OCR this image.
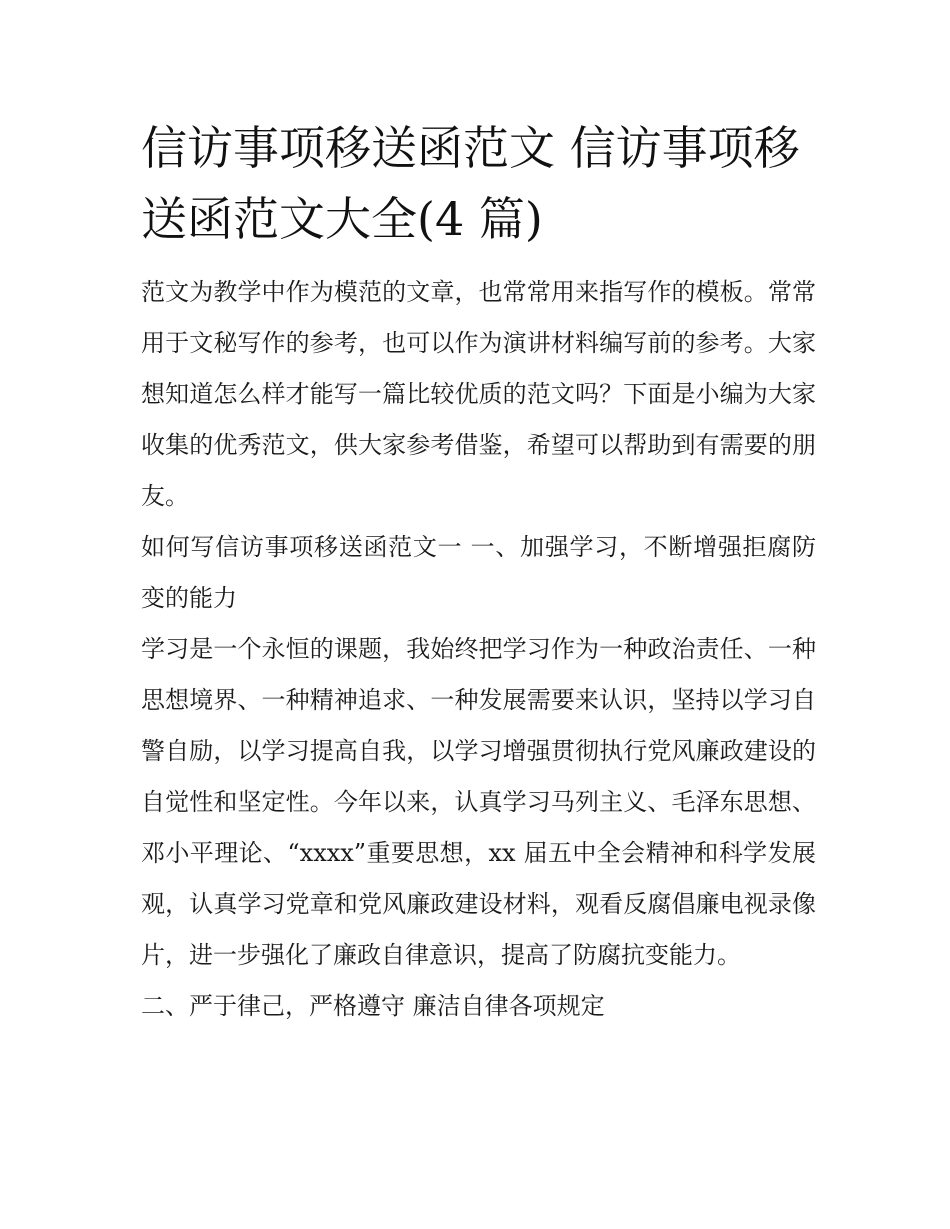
信访事项移送函范文 信访事项移送函范文大全(4 篇)

范文为教学中作为模范的文章，也常常用来指写作的模板。常常用于文秘写作的参考，也可以作为演讲材料编写前的参考。大家想知道怎么样才能写一篇比较优质的范文吗？下面是小编为大家收集的优秀范文，供大家参考借鉴，希望可以帮助到有需要的朋友。

如何写信访事项移送函范文一 一、加强学习，不断增强拒腐防变的能力

学习是一个永恒的课题，我始终把学习作为一种政治责任、一种思想境界、一种精神追求、一种发展需要来认识，坚持以学习自警自励，以学习提高自我，以学习增强贯彻执行党风廉政建设的自觉性和坚定性。今年以来，认真学习马列主义、毛泽东思想、邓小平理论、“xxxx”重要思想，xx 届五中全会精神和科学发展观，认真学习党章和党风廉政建设材料，观看反腐倡廉电视录像片，进一步强化了廉政自律意识，提高了防腐抗变能力。

二、严于律己，严格遵守 廉洁自律各项规定
